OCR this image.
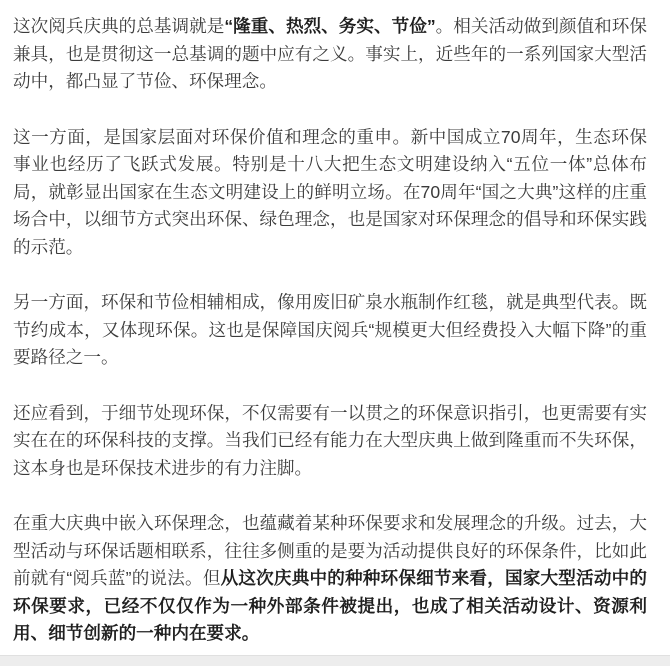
这次阅兵庆典的总基调就是“隆重、热烈、务实、节俭”。相关活动做到颜值和环保兼具，也是贯彻这一总基调的题中应有之义。事实上，近些年的一系列国家大型活动中，都凸显了节俭、环保理念。

这一方面，是国家层面对环保价值和理念的重申。新中国成立70周年，生态环保事业也经历了飞跃式发展。特别是十八大把生态文明建设纳入“五位一体”总体布局，就彰显出国家在生态文明建设上的鲜明立场。在70周年“国之大典”这样的庄重场合中，以细节方式突出环保、绿色理念，也是国家对环保理念的倡导和环保实践的示范。

另一方面，环保和节俭相辅相成，像用废旧矿泉水瓶制作红毯，就是典型代表。既节约成本，又体现环保。这也是保障国庆阅兵“规模更大但经费投入大幅下降”的重要路径之一。

还应看到，于细节处现环保，不仅需要有一以贯之的环保意识指引，也更需要有实实在在的环保科技的支撑。当我们已经有能力在大型庆典上做到隆重而不失环保，这本身也是环保技术进步的有力注脚。

在重大庆典中嵌入环保理念，也蕴藏着某种环保要求和发展理念的升级。过去，大型活动与环保话题相联系，往往多侧重的是要为活动提供良好的环保条件，比如此前就有“阅兵蓝”的说法。但从这次庆典中的种种环保细节来看，国家大型活动中的环保要求，已经不仅仅作为一种外部条件被提出，也成了相关活动设计、资源利用、细节创新的一种内在要求。
